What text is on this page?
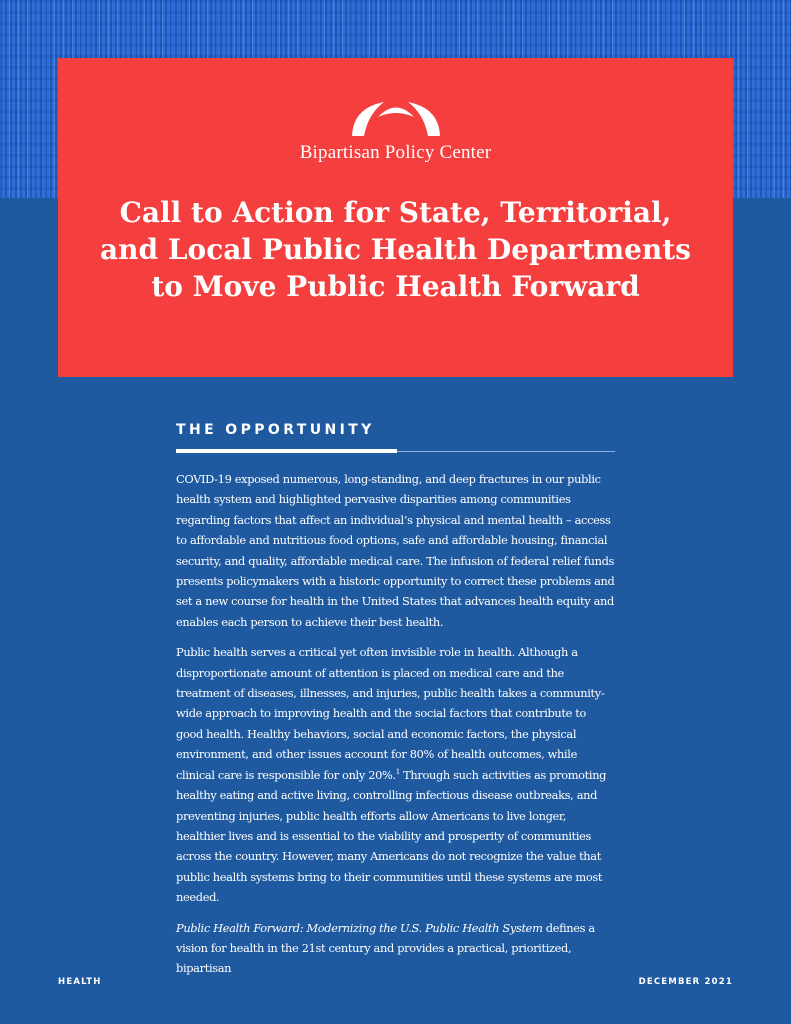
Bipartisan Policy Center
Call to Action for State, Territorial, and Local Public Health Departments to Move Public Health Forward
THE OPPORTUNITY

COVID-19 exposed numerous, long-standing, and deep fractures in our public health system and highlighted pervasive disparities among communities regarding factors that affect an individual’s physical and mental health – access to affordable and nutritious food options, safe and affordable housing, financial security, and quality, affordable medical care. The infusion of federal relief funds presents policymakers with a historic opportunity to correct these problems and set a new course for health in the United States that advances health equity and enables each person to achieve their best health.

Public health serves a critical yet often invisible role in health. Although a disproportionate amount of attention is placed on medical care and the treatment of diseases, illnesses, and injuries, public health takes a community-wide approach to improving health and the social factors that contribute to good health. Healthy behaviors, social and economic factors, the physical environment, and other issues account for 80% of health outcomes, while clinical care is responsible for only 20%.$^1$ Through such activities as promoting healthy eating and active living, controlling infectious disease outbreaks, and preventing injuries, public health efforts allow Americans to live longer, healthier lives and is essential to the viability and prosperity of communities across the country. However, many Americans do not recognize the value that public health systems bring to their communities until these systems are most needed.

Public Health Forward: Modernizing the U.S. Public Health System defines a vision for health in the 21st century and provides a practical, prioritized, bipartisan

HEALTH	DECEMBER 2021
